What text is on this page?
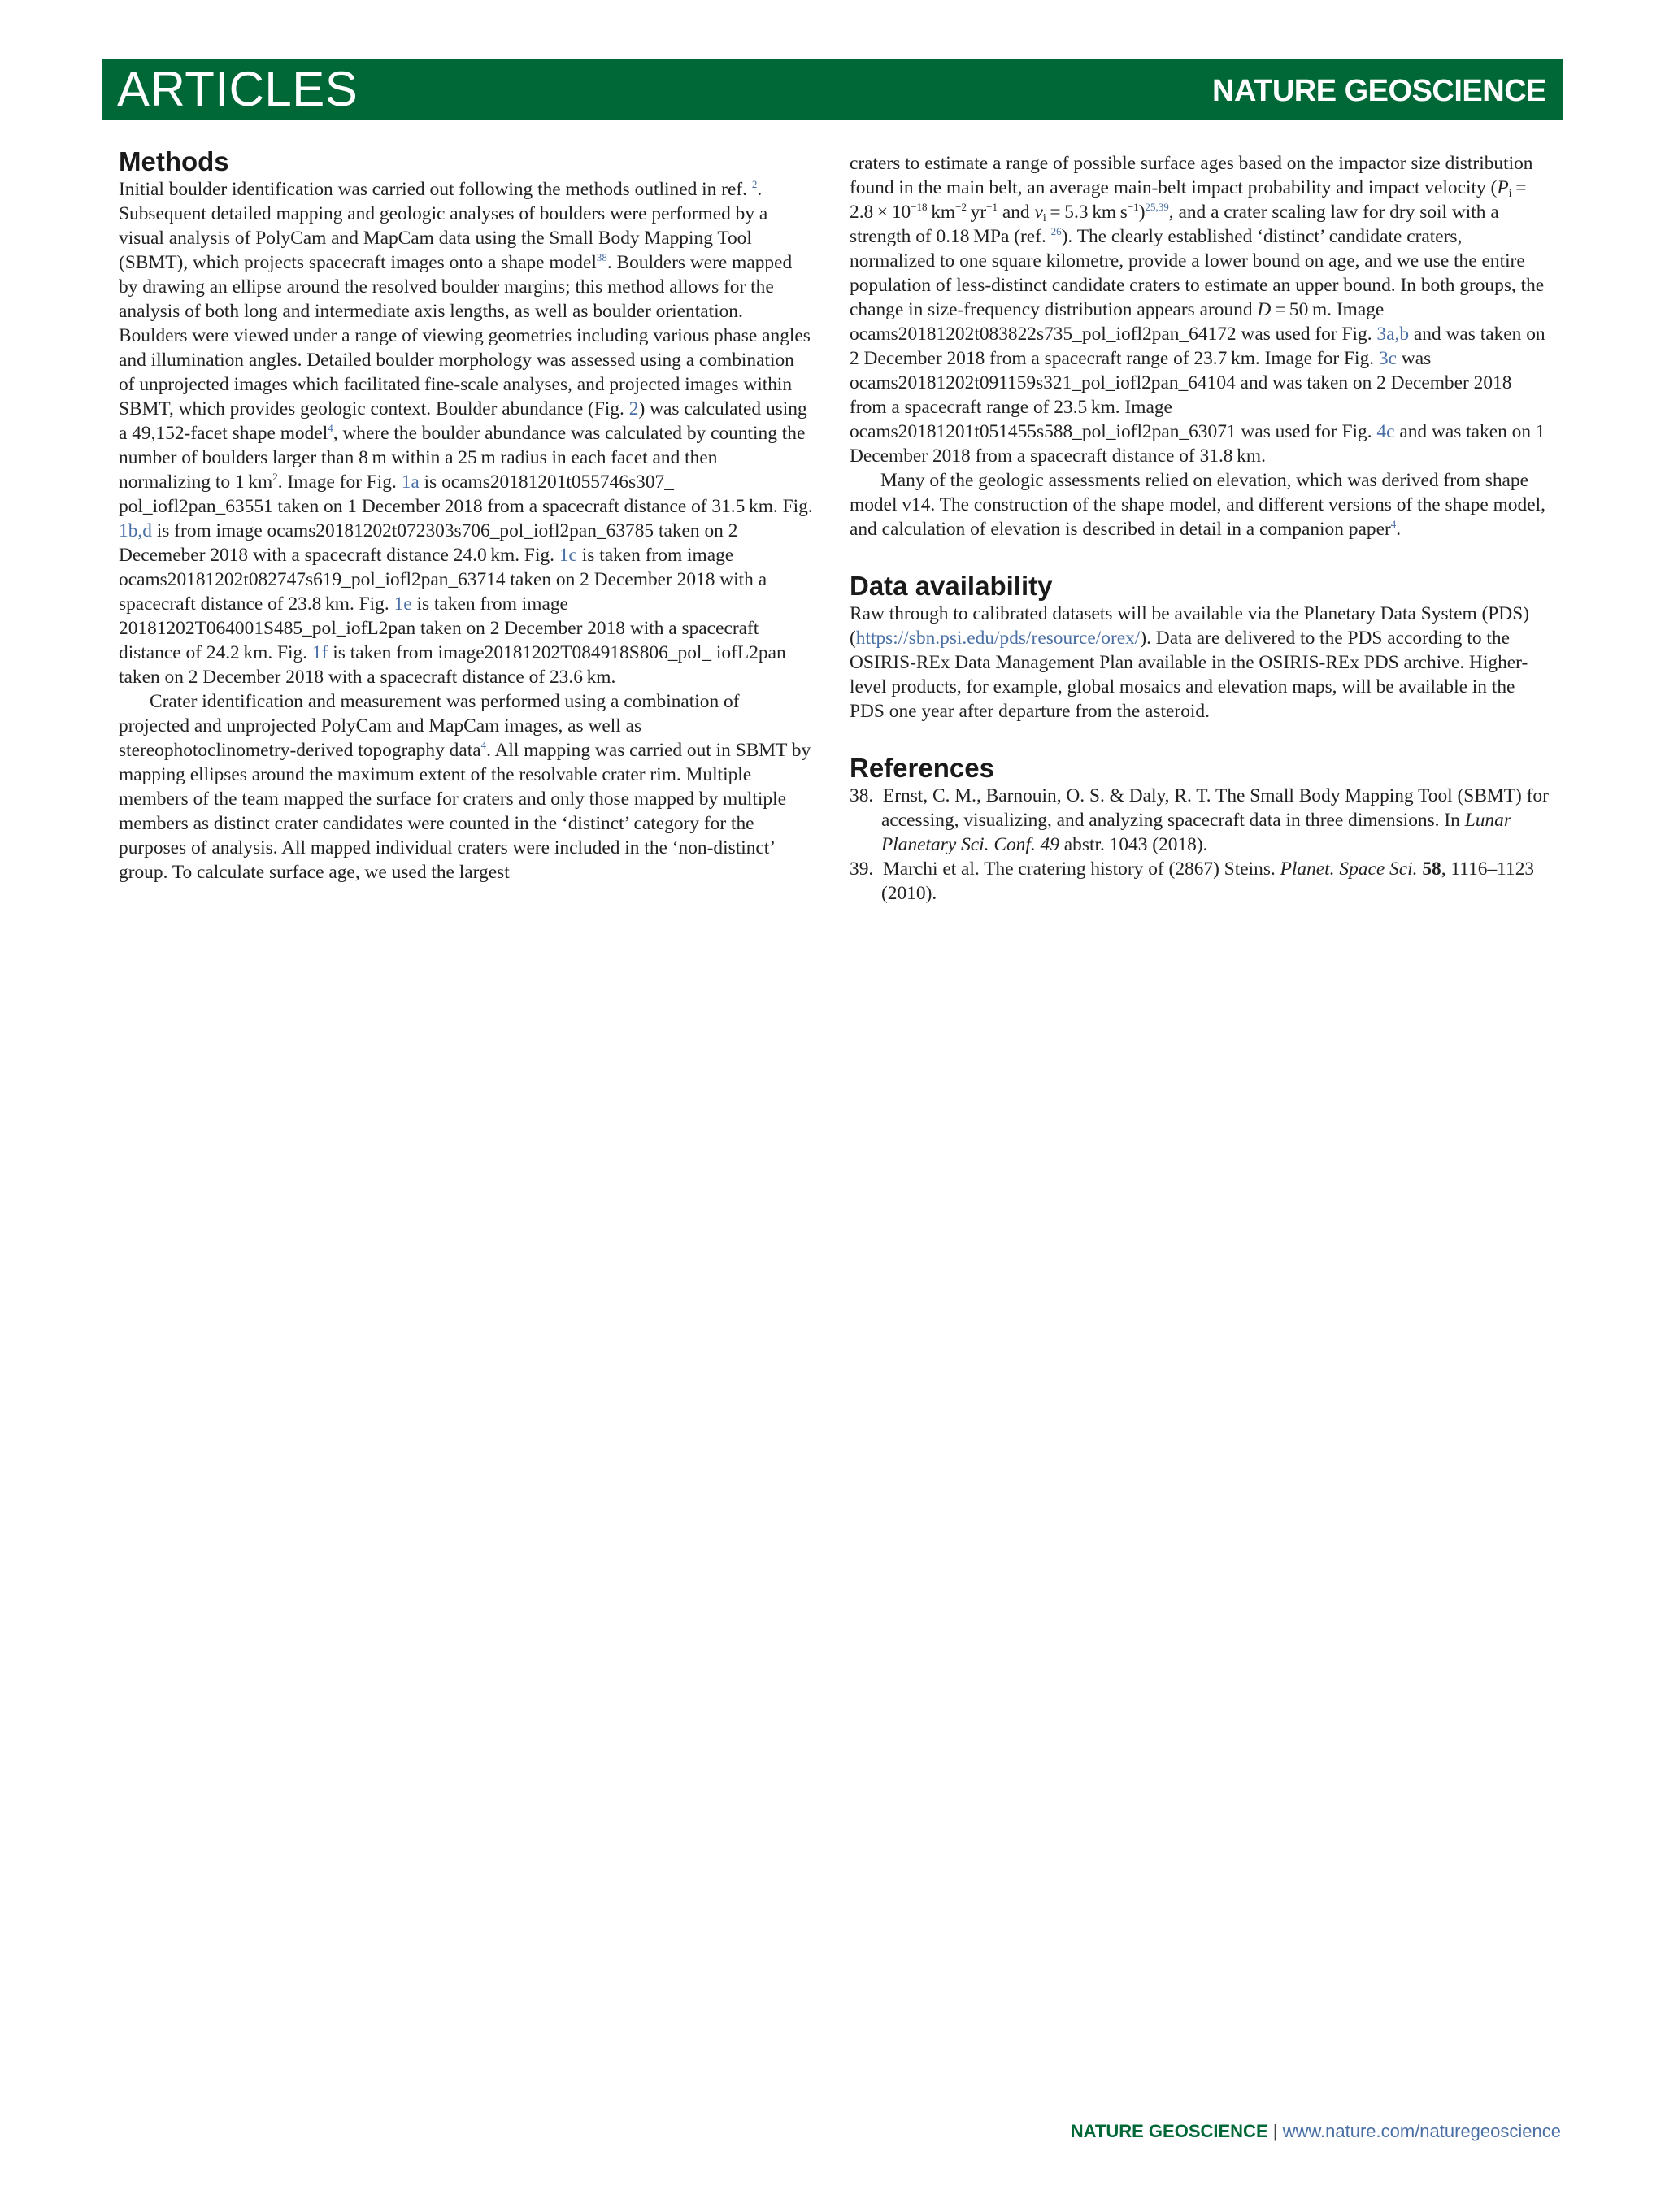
ARTICLES	NATURE GEOSCIENCE
Methods

Initial boulder identification was carried out following the methods outlined in ref. $^2$. Subsequent detailed mapping and geologic analyses of boulders were performed by a visual analysis of PolyCam and MapCam data using the Small Body Mapping Tool (SBMT), which projects spacecraft images onto a shape model$^{38}$. Boulders were mapped by drawing an ellipse around the resolved boulder margins; this method allows for the analysis of both long and intermediate axis lengths, as well as boulder orientation. Boulders were viewed under a range of viewing geometries including various phase angles and illumination angles. Detailed boulder morphology was assessed using a combination of unprojected images which facilitated fine-scale analyses, and projected images within SBMT, which provides geologic context. Boulder abundance (Fig. 2) was calculated using a 49,152-facet shape model$^4$, where the boulder abundance was calculated by counting the number of boulders larger than 8 m within a 25 m radius in each facet and then normalizing to 1 $km^2$. Image for Fig. 1a is ocams20181201t055746s307_ pol_iofl2pan_63551 taken on 1 December 2018 from a spacecraft distance of 31.5 km. Fig. 1b,d is from image ocams20181202t072303s706_pol_iofl2pan_63785 taken on 2 Decemeber 2018 with a spacecraft distance 24.0 km. Fig. 1c is taken from image ocams20181202t082747s619_pol_iofl2pan_63714 taken on 2 December 2018 with a spacecraft distance of 23.8 km. Fig. 1e is taken from image 20181202T064001S485_pol_iofL2pan taken on 2 December 2018 with a spacecraft distance of 24.2 km. Fig. 1f is taken from image20181202T084918S806_pol_ iofL2pan taken on 2 December 2018 with a spacecraft distance of 23.6 km.

Crater identification and measurement was performed using a combination of projected and unprojected PolyCam and MapCam images, as well as stereophotoclinometry-derived topography data$^4$. All mapping was carried out in SBMT by mapping ellipses around the maximum extent of the resolvable crater rim. Multiple members of the team mapped the surface for craters and only those mapped by multiple members as distinct crater candidates were counted in the ‘distinct’ category for the purposes of analysis. All mapped individual craters were included in the ‘non-distinct’ group. To calculate surface age, we used the largest

craters to estimate a range of possible surface ages based on the impactor size distribution found in the main belt, an average main-belt impact probability and impact velocity ($P_i = 2.8 \times 10^{-18}$ $km^{-2}$ $yr^{-1}$ and $v_i = 5.3$ km $s^{-1})^{25,39}$, and a crater scaling law for dry soil with a strength of 0.18 MPa (ref. $^{26}$). The clearly established ‘distinct’ candidate craters, normalized to one square kilometre, provide a lower bound on age, and we use the entire population of less-distinct candidate craters to estimate an upper bound. In both groups, the change in size-frequency distribution appears around D = 50 m. Image ocams20181202t083822s735_pol_iofl2pan_64172 was used for Fig. 3a,b and was taken on 2 December 2018 from a spacecraft range of 23.7 km. Image for Fig. 3c was ocams20181202t091159s321_pol_iofl2pan_64104 and was taken on 2 December 2018 from a spacecraft range of 23.5 km. Image ocams20181201t051455s588_pol_iofl2pan_63071 was used for Fig. 4c and was taken on 1 December 2018 from a spacecraft distance of 31.8 km.

Many of the geologic assessments relied on elevation, which was derived from shape model v14. The construction of the shape model, and different versions of the shape model, and calculation of elevation is described in detail in a companion paper$^4$.

Data availability

Raw through to calibrated datasets will be available via the Planetary Data System (PDS) (https://sbn.psi.edu/pds/resource/orex/). Data are delivered to the PDS according to the OSIRIS-REx Data Management Plan available in the OSIRIS-REx PDS archive. Higher-level products, for example, global mosaics and elevation maps, will be available in the PDS one year after departure from the asteroid.

References
38. Ernst, C. M., Barnouin, O. S. & Daly, R. T. The Small Body Mapping Tool (SBMT) for accessing, visualizing, and analyzing spacecraft data in three dimensions. In Lunar Planetary Sci. Conf. 49 abstr. 1043 (2018).
39. Marchi et al. The cratering history of (2867) Steins. Planet. Space Sci. 58, 1116–1123 (2010).
NATURE GEOSCIENCE | www.nature.com/naturegeoscience
